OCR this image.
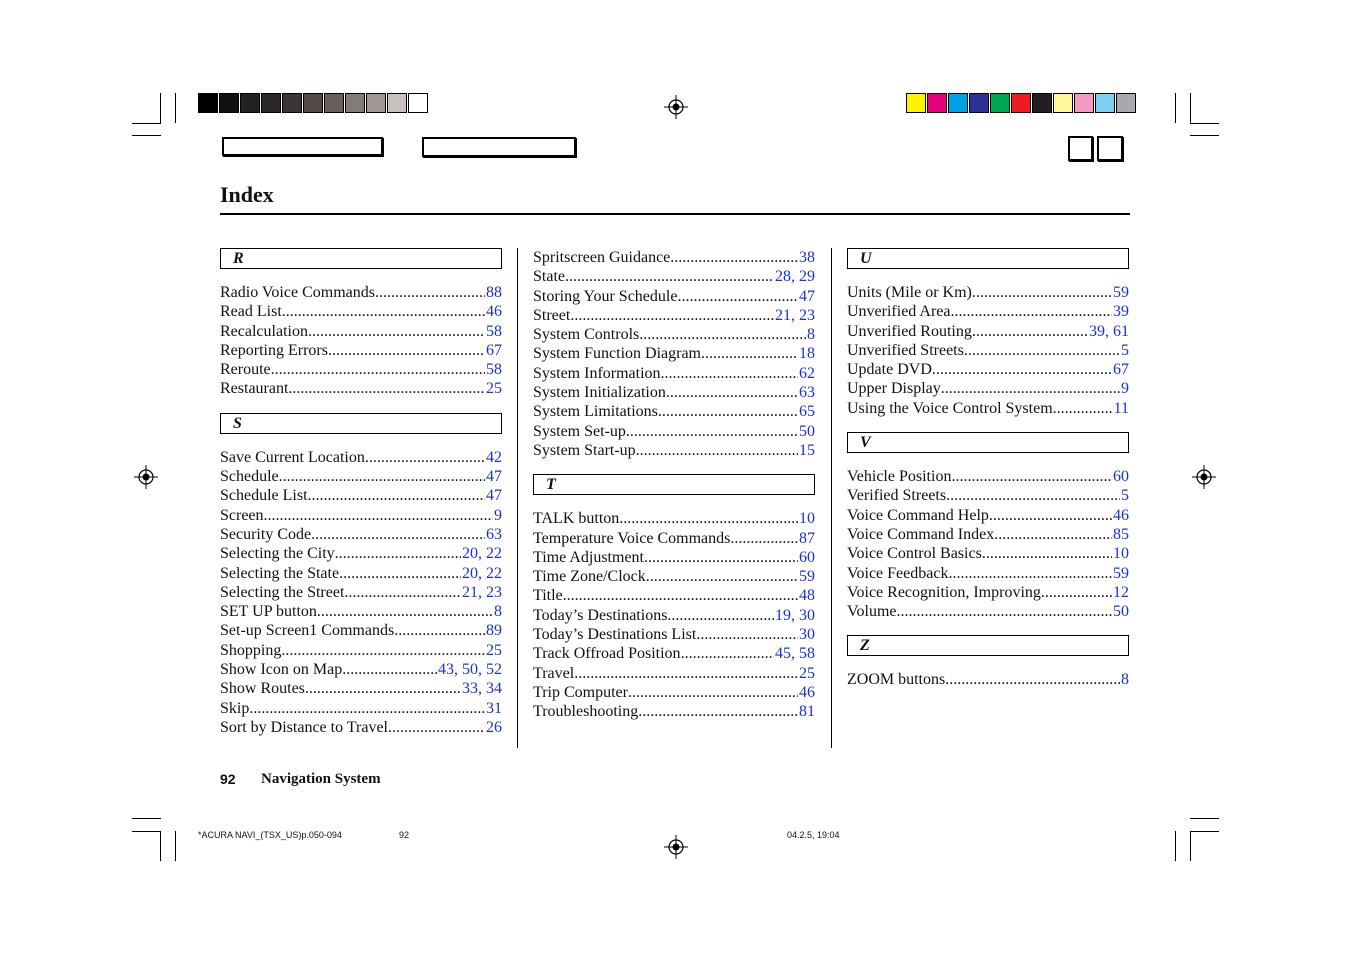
Index
R
Radio Voice Commands .....	88
Read List .....	46
Recalculation .....	58
Reporting Errors .....	67
Reroute .....	58
Restaurant .....	25
S
Save Current Location .....	42
Schedule .....	47
Schedule List .....	47
Screen .....	9
Security Code .....	63
Selecting the City .....	20, 22
Selecting the State .....	20, 22
Selecting the Street .....	21, 23
SET UP button .....	8
Set-up Screen1 Commands .....	89
Shopping .....	25
Show Icon on Map .....	43, 50, 52
Show Routes .....	33, 34
Skip .....	31
Sort by Distance to Travel .....	26
Spritscreen Guidance .....	38
State .....	28, 29
Storing Your Schedule .....	47
Street .....	21, 23
System Controls .....	8
System Function Diagram .....	18
System Information .....	62
System Initialization .....	63
System Limitations .....	65
System Set-up .....	50
System Start-up .....	15
T
TALK button .....	10
Temperature Voice Commands .....	87
Time Adjustment .....	60
Time Zone/Clock .....	59
Title .....	48
Today’s Destinations .....	19, 30
Today’s Destinations List .....	30
Track Offroad Position .....	45, 58
Travel .....	25
Trip Computer .....	46
Troubleshooting .....	81
U
Units (Mile or Km) .....	59
Unverified Area .....	39
Unverified Routing .....	39, 61
Unverified Streets .....	5
Update DVD .....	67
Upper Display .....	9
Using the Voice Control System .....	11
V
Vehicle Position .....	60
Verified Streets .....	5
Voice Command Help .....	46
Voice Command Index .....	85
Voice Control Basics .....	10
Voice Feedback .....	59
Voice Recognition, Improving .....	12
Volume .....	50
Z
ZOOM buttons .....	8
92 Navigation System
*ACURA NAVI_(TSX_US)p.050-094	92	04.2.5, 19:04
